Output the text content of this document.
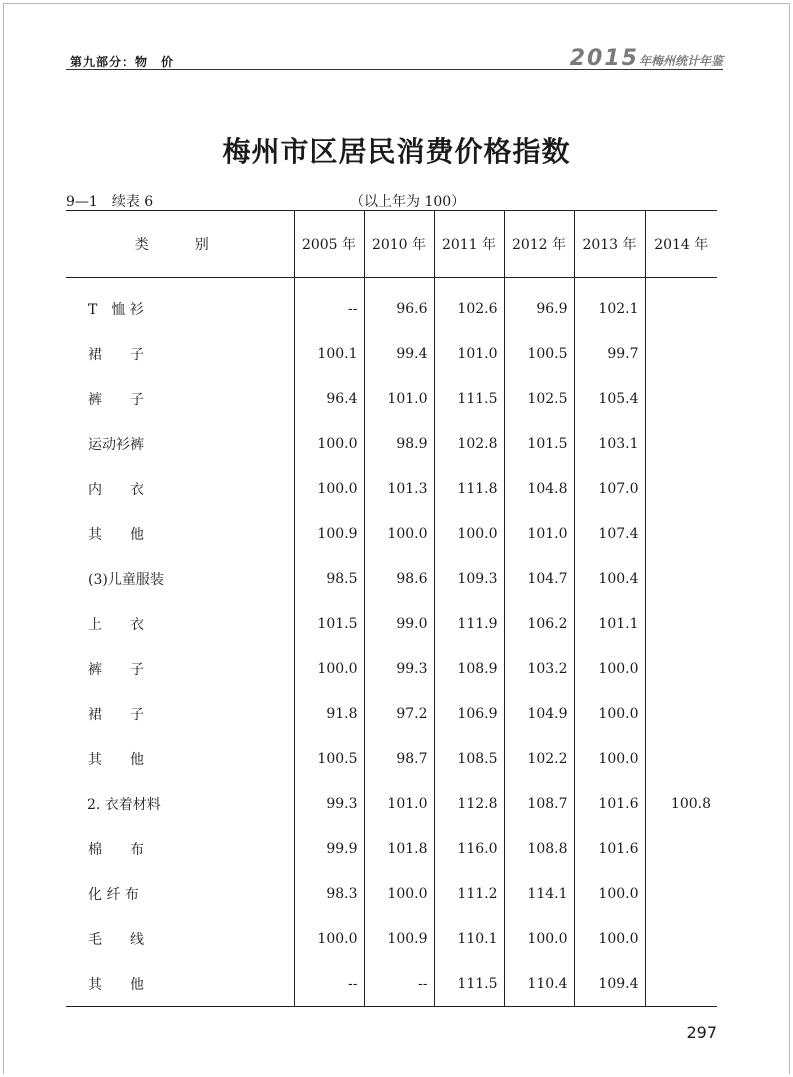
第九部分：物　价	2015年梅州统计年鉴
梅州市区居民消费价格指数
9—1　续表 6	（以上年为 100）
类　别	2005 年	2010 年	2011 年	2012 年	2013 年	2014 年
T　恤 衫	--	96.6	102.6	96.9	102.1	
裙　　子	100.1	99.4	101.0	100.5	99.7	
裤　　子	96.4	101.0	111.5	102.5	105.4	
运动衫裤	100.0	98.9	102.8	101.5	103.1	
内　　衣	100.0	101.3	111.8	104.8	107.0	
其　　他	100.9	100.0	100.0	101.0	107.4	
(3)儿童服装	98.5	98.6	109.3	104.7	100.4	
上　　衣	101.5	99.0	111.9	106.2	101.1	
裤　　子	100.0	99.3	108.9	103.2	100.0	
裙　　子	91.8	97.2	106.9	104.9	100.0	
其　　他	100.5	98.7	108.5	102.2	100.0	
2. 衣着材料	99.3	101.0	112.8	108.7	101.6	100.8
棉　　布	99.9	101.8	116.0	108.8	101.6	
化 纤 布	98.3	100.0	111.2	114.1	100.0	
毛　　线	100.0	100.9	110.1	100.0	100.0	
其　　他	--	--	111.5	110.4	109.4	
297
